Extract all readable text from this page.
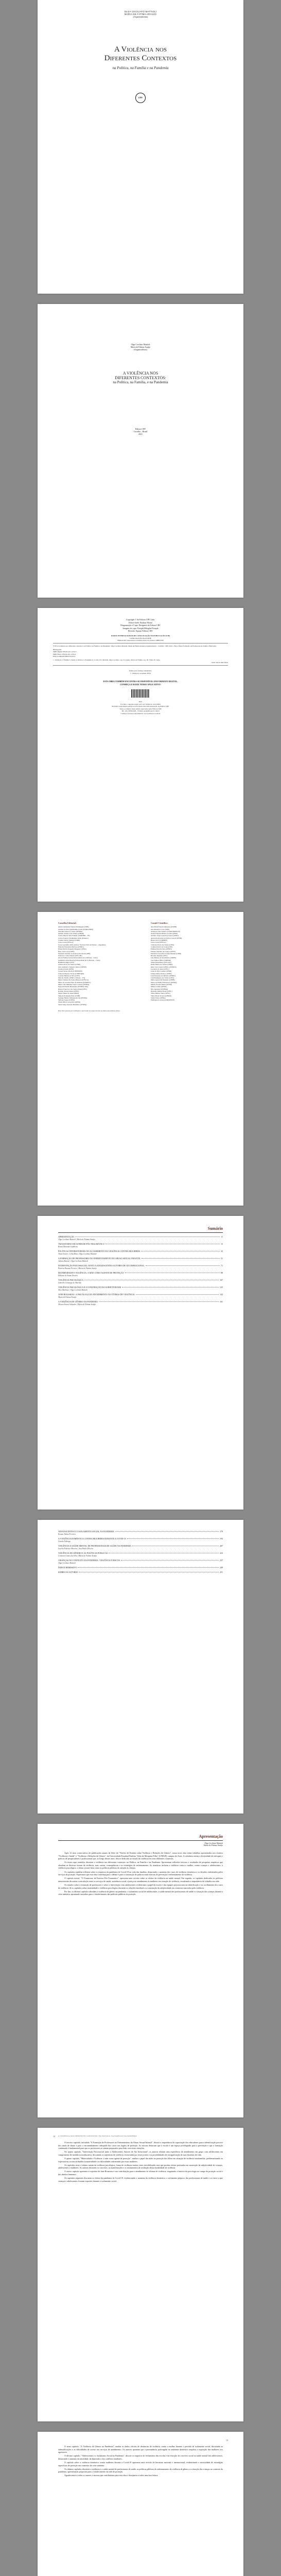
OLGA CECILIATO MATTIOLI
MARIA DE FÁTIMA ARAÚJO
(Organizadoras)
A Violência nos
Diferentes Contextos
na Política, na Família e na Pandemia
crv
Olga Ceciliato Mattioli
Maria de Fátima Araújo
(Organizadoras)
A VIOLÊNCIA NOS
DIFERENTES CONTEXTOS:
na Política, na Família, e na Pandemia
Editora CRV
Curitiba – Brasil
2021
Copyright © da Editora CRV Ltda.
Editor-chefe: Railson Moura
Diagramação e Capa: Designers da Editora CRV
Imagem de capa: Freepik/Hiloiplat/Freepik
Revisão: Equipe Editora CRV
DADOS INTERNACIONAIS DE CATALOGAÇÃO NA PUBLICAÇÃO (CIP)
CATALOGAÇÃO NA FONTE
Bibliotecária responsável: Luzenira Alves dos Santos CRB9/1506
V795 A violência nos diferentes contextos: na Política, na Família e na Pandemia / Olga Ceciliato Mattioli, Maria de Fátima Araújo (organizadoras) – Curitiba : CRV, 2021. 254 p. (Série Formação de Professores de Saúde e Educação)
Bibliografia
ISBN Digital 978-65-251-1234-3
ISBN Físico 978-65-251-1235-0
DOI 10.24824/978652511235.0
1. Violência 2. Família 3. Saúde 4. Política 5. Pandemia 6. Covid-19 I. Mattioli, Olga Ceciliato. org. II. Araújo, Maria de Fátima. org. III. Título IV. Série.
CDU 316.6 CDD 303.6
Índice para catálogo sistemático
1. Violência: sociedade 303.6
ESTA OBRA TAMBÉM ENCONTRA-SE DISPONÍVEL EM FORMATO DIGITAL.
CONHEÇA E BAIXE NOSSO APLICATIVO!
2021
Foi feito o depósito legal conf. Lei 10.994 de 14/12/2004
Proibida a reprodução parcial ou total desta obra sem autorização da Editora CRV
Todos os direitos desta edição reservados pela: Editora CRV
Tel.: (41) 3039-6418 – E-mail: sac@editoracrv.com.br
Conheça os nossos lançamentos: www.editoracrv.com.br
Conselho Editorial:
Aldira Guimarães Duarte Domínguez (UNB)
Andréia da Silva Quintanilha Sousa (UNIR/UFRN)
Anselmo Alencar Colares (UFOPA)
Antônio Pereira Gaio Júnior (UFRRJ)
Carlos Alberto Vilar Estêvão (UMINHO – PT)
Carlos Federico Dominguez Avila (Unieuro)
Carmen Tereza Velanga (UNIR)
Celso Conti (UFSCar)
Cesar Gerónimo Tello (Univer. Nacional Três de Febrero – Argentina)
Eduardo Fernandes Barbosa (UFMG)
Elione Maria Nogueira Diogenes (UFAL)
Élsio José Corá (UFFS)
Fernando Antônio Gonçalves Alcoforado (IPB)
Francisco Carlos Duarte (PUC-PR)
Gloria Fariñas León (Universidade de La Havana – Cuba)
Guillermo Arias Beatón (Universidade de La Havana – Cuba)
Helmuth Krüger (UCP)
Jailson Alves dos Santos (UFRJ)
João Adalberto Campato Junior (UNESP)
Josania Portela (UFPI)
Leonel Severo Rocha (UNISINOS)
Lídia de Oliveira Xavier (UNIEURO)
Lourdes Helena da Silva (UFV)
Marcelo Paixão (UFRJ e UTexas – US)
Maria Cristina dos Santos Bezerra (UFSCar)
Maria de Lourdes Pinto de Almeida (UNOESC)
Maria Lília Imbiriba Sousa Colares (UFOPA)
Paulo Romualdo Hernandes (UNIFAL-MG)
Renato Francisco dos Santos Paula (UFG)
Rodrigo Pratte-Santos (UFES)
Sérgio Nunes de Jesus (IFRO)
Simone Rodrigues Pinto (UNB)
Solange Helena Ximenes-Rocha (UFOPA)
Sydione Santos (UEPG)
Tadeu Oliver Gonçalves (UFPA)
Tania Suely Azevedo Brasileiro (UFOPA)
Comitê Científico:
Ana Maria Ferreira Menezes (UNEB)
Ana Monteiro Costa (UPE)
Anderson Luiz Tedesco (UNOCHAPECÓ)
Andre Eduardo Ribeiro da Silva (IFSP)
Antônio Jorge Gonçalves Soares (UFRJ)
Aparecida Rosana Gonçalves Carrari (UFPR)
Bruno Pucci (UNIMEP)
Celso Conti (UFSCar)
Cristiana Prado dos Santos (UEG)
Cynthia Pereira de Sousa (USP)
Edilene Ferreira Silva (UFRN)
Fabiano Antônio dos Santos (UFFS)
Fernando Gonçalves Gomes Martins (UEM)
Haroldo Resende (UFU)
João Batista do Nascimento (UNEB)
José Adilson Filho (UNIFAP)
Julieta Desaulniers (PUC-RS)
Kenia Maria dos Santos (UERJ)
Kitty Carol Lentz de Brito (UNISUL)
Leonardo de Jesus (UFSC)
Lídia da Silva Gomes (UFPR)
Liliane Maria Pacheco (UFRJ)
Luiz Fernando de Oliveira (UFRRJ)
Luiz Rodrigues dos Santos (UFG)
Maria Aparecida Monteiro (UEPB)
Maria de Fátima Felix Rosar (UFMA)
Marilu Favarin Marin (UFSM)
Milton Casula (UFMG)
Nilo Agostini (UNIFRA)
Reinaldo Matias Fleuri (UFSC)
Silvia Helena Vieira (UFSC)
Tânia Maria Tavares (UFRRJ)
Valdir Pretto (UFBA)
Wellington Loboton (UNIOESTE)
Este livro passou por avaliação e aprovação às cegas de dois ou mais pareceristas ad hoc.
Sumário
APRESENTAÇÃO	11
Olga Ceciliato Mattioli | Maria de Fátima Araújo
TRANSTORNO DE ESTRESSE PÓS-TRAUMÁTICO	15
Bruna Miranda Gualberto
POLÍTICAS INTERSETORIAIS NO ACOLHIMENTO DA VIOLÊNCIA CONTRA MULHERES	33
Tânia Soares | Célia Mota | Olga Ceciliato Mattioli
A FORMAÇÃO DE PROFESSORES NO ENFRENTAMENTO DO ABUSO SEXUAL INFANTIL	51
Juliana Baroni | Olga Ceciliato Mattioli
INTERVENÇÃO PSICOSSOCIAL JUNTO A ADOLESCENTES AUTORES DE ATO INFRACIONAL	71
Patrícia Rosana Ferreira | Maria de Fátima Araújo
MATERNIDADE E VIOLÊNCIA: A MÃE COMO AGENTE DE PROTEÇÃO	89
Edilaine de Souza Taveira
VIOLÊNCIA PSICOLÓGICA	107
Gabriela Camargo de Almeida
VIOLÊNCIA PSICOLÓGICA E A CONSTRUÇÃO DA SUBJETIVIDADE	125
Alice Barbosa | Olga Ceciliato Mattioli
JANE ROUSSEAU: A PSICÓLOGA DO ATENDIMENTO ÀS VÍTIMAS DE VIOLÊNCIA	143
Maria de Fátima Araújo
A VIOLÊNCIA DE GÊNERO NA PANDEMIA	161
Alisson Soares Salvador | Maria de Fátima Araújo
ADOLESCENTES E O ISOLAMENTO SOCIAL NA PANDEMIA	179
Renata Tobias Ferreira
A VIOLÊNCIA DOMÉSTICA CONTRA MULHERES DURANTE A COVID-19	193
Camila Nóbrega
VIOLÊNCIA E SAÚDE MENTAL DE PROFISSIONAIS DE SAÚDE NA PANDEMIA	207
Lucélia Fabrício Moreira | Ana Paula Oliveira
VIOLÊNCIA DE GÊNERO E AS POLÍTICAS PÚBLICAS	223
Cristiane Gomes da Silva | Maria de Fátima Araújo
CRIANÇAS NO CONTEXTO DA PANDEMIA: VIOLÊNCIA E RISCOS	237
Olga Ceciliato Mattioli
ÍNDICE REMISSIVO	249
SOBRE OS AUTORES	251
Apresentação
Olga Ceciliato Mattioli
Maria de Fátima Araújo

Após 12 anos consecutivos de publicações anuais da Série do "Núcleo de Estudos sobre Violência e Relações de Gênero", nossa nova obra reúne trabalhos apresentados nos eventos "Violência e Saúde" e "Violência e Relações de Gênero", da Universidade Estadual Paulista "Júlio de Mesquita Filho" (UNESP), campus de Assis. A coletânea retrata a diversidade de enfoques e práticas de pesquisadores e profissionais que, ao longo desses anos, têm se dedicado ao estudo da violência em seus diferentes contextos.

Os textos aqui reunidos discutem a violência nos diferentes contextos: na Política, na Família e na Pandemia. Apresentam reflexões teóricas e resultados de pesquisas empíricas que abordam as diversas formas de violência, suas causas, consequências e as estratégias de enfrentamento. As temáticas incluem a violência contra a mulher, contra crianças e adolescentes, a violência psicológica, o abuso sexual, bem como as políticas públicas de atenção às vítimas.

Os capítulos também refletem sobre os impactos da pandemia de Covid-19 na vida das famílias, destacando o aumento dos casos de violência doméstica e os desafios enfrentados pelos serviços de proteção. Esperamos que esta obra contribua para o debate e para a construção de práticas mais efetivas de prevenção e enfrentamento da violência.

O capítulo inicial, "O Transtorno de Estresse Pós-Traumático", apresenta uma revisão sobre os efeitos da violência na saúde mental. Em seguida, os capítulos dedicados às políticas intersetoriais discutem a articulação entre os serviços de saúde, assistência social e justiça no atendimento às mulheres em situação de violência, ressaltando a importância do trabalho em rede.

Os estudos sobre a formação de professores e sobre a intervenção com adolescentes evidenciam o papel da escola e das equipes psicossociais na identificação e no acolhimento dos casos de violência. Já os capítulos sobre maternidade e violência psicológica discutem as relações familiares e a construção da subjetividade em contextos marcados pela violência.

Por fim, os últimos capítulos abordam a violência de gênero na pandemia, o isolamento social de adolescentes, a saúde mental dos profissionais de saúde e a situação das crianças durante a crise sanitária, apontando caminhos para o fortalecimento das políticas públicas de proteção.

A VIOLÊNCIA NOS DIFERENTES CONTEXTOS: NA POLÍTICA, NA FAMÍLIA E NA PANDEMIA
12

O terceiro capítulo, intitulado "A Formação de Professores no Enfrentamento do Abuso Sexual Infantil", discute a importância da capacitação dos educadores para a identificação precoce dos sinais de abuso e para o encaminhamento adequado dos casos aos órgãos de proteção. As autoras destacam que a escola é um espaço privilegiado para a prevenção e que a formação continuada é fundamental para que os professores se sintam preparados para lidar com essas situações.

No quarto capítulo, "Intervenção Psicossocial junto a Adolescentes Autores de Ato Infracional", as autoras relatam uma experiência de atendimento em grupo com adolescentes em cumprimento de medida socioeducativa, discutindo as trajetórias de violência vivenciadas por esses jovens e as possibilidades de ressignificação de suas histórias de vida.

O quinto capítulo, "Maternidade e Violência: a mãe como agente de proteção", analisa o papel das mães na proteção dos filhos em situação de violência intrafamiliar, problematizando as expectativas sociais atribuídas à maternidade e as dificuldades enfrentadas por essas mulheres.

Os capítulos sexto e sétimo tratam da violência psicológica, forma de violência muitas vezes invisibilizada, mas que produz efeitos profundos na construção da subjetividade de crianças, adolescentes e mulheres. As autoras discutem os conceitos, as manifestações e os instrumentos de avaliação dessa modalidade de violência.

O oitavo capítulo apresenta a trajetória de Jane Rousseau e sua contribuição para o atendimento às vítimas de violência, resgatando a história da psicologia no campo da proteção social e dos direitos humanos.

Os capítulos seguintes discutem os efeitos da pandemia de Covid-19, evidenciando o aumento da violência doméstica, o sofrimento psíquico dos profissionais de saúde e os riscos a que crianças e adolescentes ficaram expostos durante o isolamento social.

13

O nono capítulo, "A Violência de Gênero na Pandemia", analisa os dados oficiais de denúncias de violência contra a mulher durante o período de isolamento social, discutindo as subnotificações e as dificuldades de acesso aos serviços de atendimento. Os autores apontam que a permanência prolongada no ambiente doméstico ampliou a exposição das mulheres aos agressores.

O décimo capítulo, "Adolescentes e o Isolamento Social na Pandemia", discute os impactos do fechamento das escolas e da restrição do convívio social na saúde mental dos adolescentes, destacando o aumento da ansiedade, da depressão e dos conflitos familiares.

O capítulo sobre a violência doméstica contra mulheres durante a Covid-19 apresenta uma revisão de literatura nacional e internacional, evidenciando a necessidade de estratégias específicas de proteção em contextos de crise sanitária.

Os últimos capítulos discutem a violência e a saúde mental de profissionais de saúde, as políticas públicas de enfrentamento da violência de gênero e a situação das crianças no contexto da pandemia, apresentando propostas para o fortalecimento da rede de proteção.

Agradecemos a todos os autores e autoras que contribuíram para esta obra e desejamos a todos uma boa leitura.
